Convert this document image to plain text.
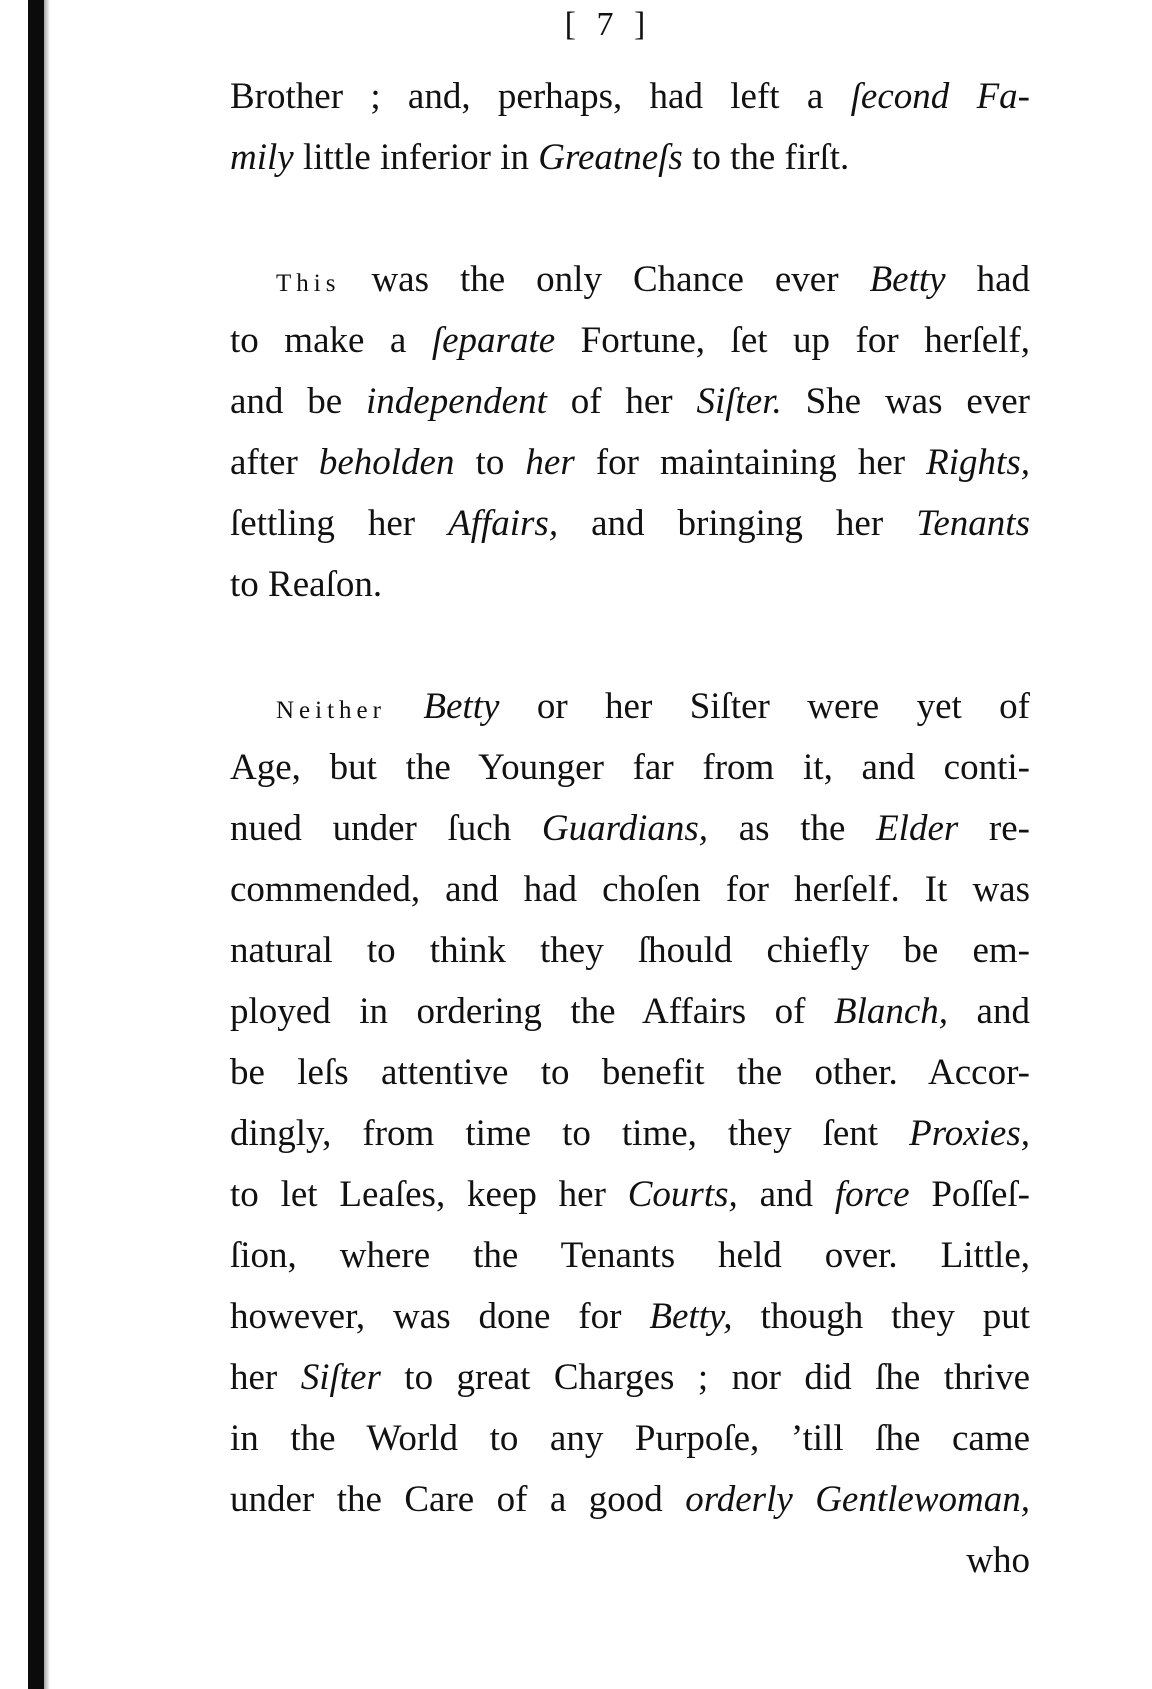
[ 7 ]
Brother ; and, perhaps, had left a ſecond Fa-
mily little inferior in Greatneſs to the firſt.
This was the only Chance ever Betty had
to make a ſeparate Fortune, ſet up for herſelf,
and be independent of her Siſter. She was ever
after beholden to her for maintaining her Rights,
ſettling her Affairs, and bringing her Tenants
to Reaſon.
Neither Betty or her Siſter were yet of
Age, but the Younger far from it, and conti-
nued under ſuch Guardians, as the Elder re-
commended, and had choſen for herſelf. It was
natural to think they ſhould chiefly be em-
ployed in ordering the Affairs of Blanch, and
be leſs attentive to benefit the other. Accor-
dingly, from time to time, they ſent Proxies,
to let Leaſes, keep her Courts, and force Poſſeſ-
ſion, where the Tenants held over. Little,
however, was done for Betty, though they put
her Siſter to great Charges ; nor did ſhe thrive
in the World to any Purpoſe, ’till ſhe came
under the Care of a good orderly Gentlewoman,
who
